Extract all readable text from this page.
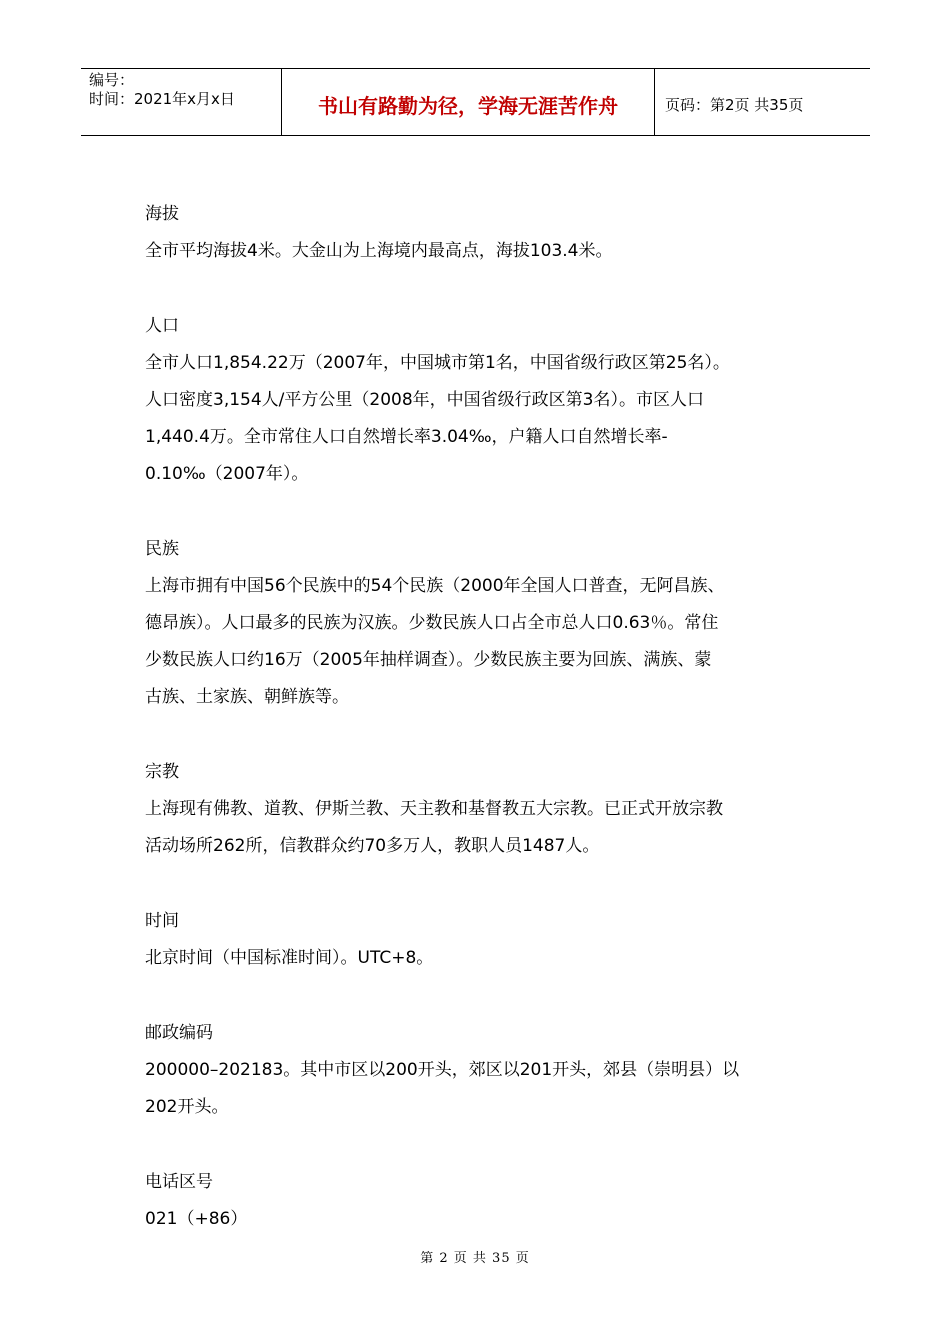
编号：
时间：2021年x月x日	书山有路勤为径，学海无涯苦作舟	页码：第2页 共35页
海拔
全市平均海拔4米。大金山为上海境内最高点，海拔103.4米。
人口
全市人口1,854.22万（2007年，中国城市第1名，中国省级行政区第25名）。
人口密度3,154人/平方公里（2008年，中国省级行政区第3名）。市区人口
1,440.4万。全市常住人口自然增长率3.04‰，户籍人口自然增长率-
0.10‰（2007年）。
民族
上海市拥有中国56个民族中的54个民族（2000年全国人口普查，无阿昌族、
德昂族）。人口最多的民族为汉族。少数民族人口占全市总人口0.63％。常住
少数民族人口约16万（2005年抽样调查）。少数民族主要为回族、满族、蒙
古族、土家族、朝鲜族等。
宗教
上海现有佛教、道教、伊斯兰教、天主教和基督教五大宗教。已正式开放宗教
活动场所262所，信教群众约70多万人，教职人员1487人。
时间
北京时间（中国标准时间）。UTC+8。
邮政编码
200000–202183。其中市区以200开头，郊区以201开头，郊县（崇明县）以
202开头。
电话区号
021（+86）
第 2 页 共 35 页
